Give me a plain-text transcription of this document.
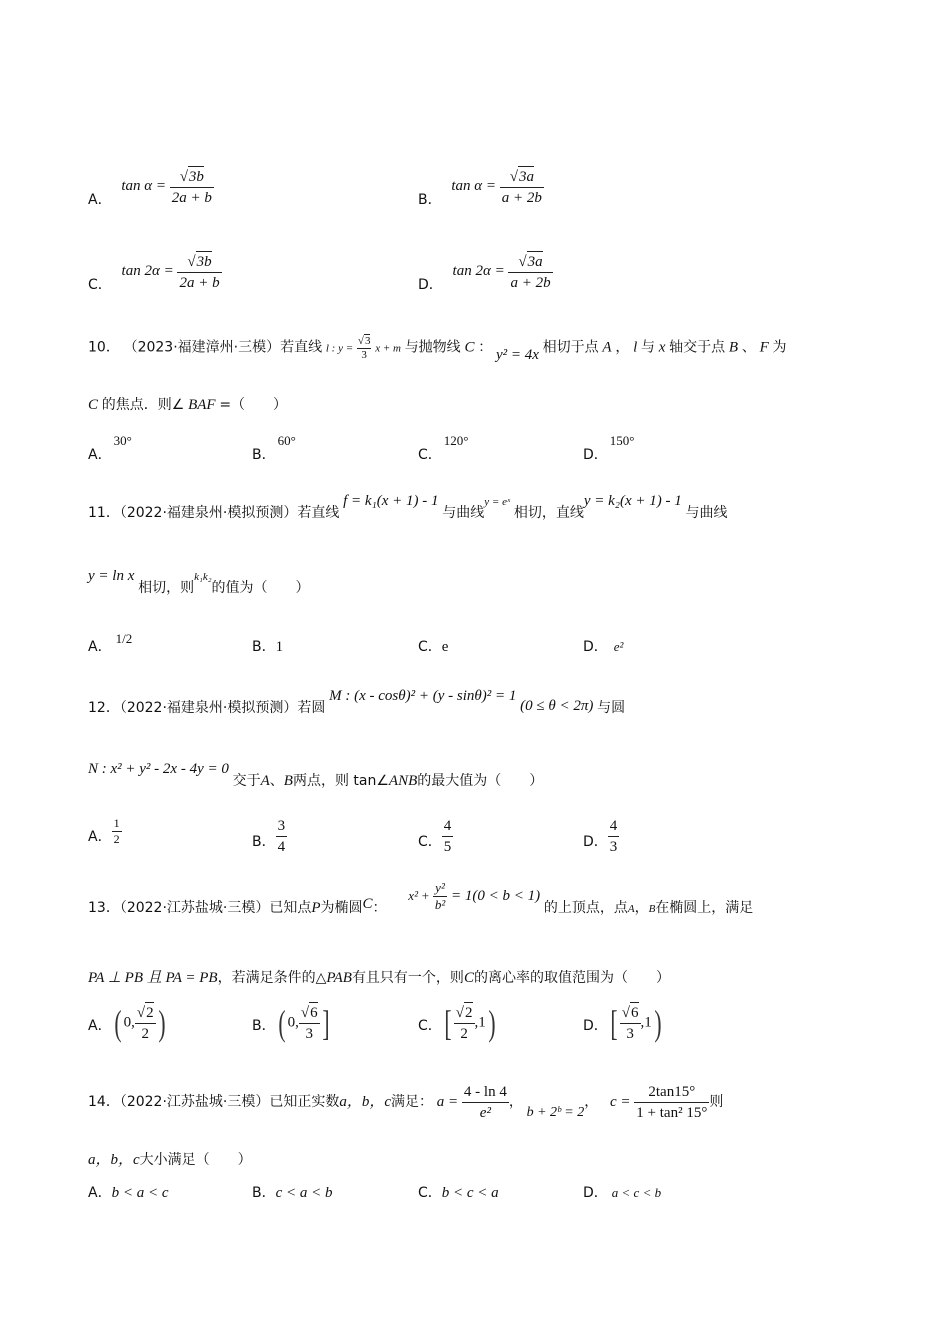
A． $\tan \alpha = \frac{√3b}{2a + b}$	B． $\tan \alpha = \frac{√3a}{a + 2b}$
C． $\tan 2\alpha = \frac{√3b}{2a + b}$	D． $\tan 2\alpha = \frac{√3a}{a + 2b}$
10． （2023·福建漳州·三模）若直线 l : $y = \frac{√3}{3}$ x + m 与抛物线 C ： y² = 4x 相切于点 A ， l 与 x 轴交于点 B 、 F 为
C 的焦点．则∠ BAF =（　　）
A．30°
B．60°
C．120°
D．150°
11．（2022·福建泉州·模拟预测）若直线 f = k₁(x + 1) - 1 与曲线y = eˣ 相切，直线y = k₂(x + 1) - 1 与曲线
y = ln x 相切，则k₁k₂的值为（　　）
A．1/2
B．1	C．e	D． e²
12．（2022·福建泉州·模拟预测）若圆 M : (x - cosθ)² + (y - sinθ)² = 1 (0 ≤ θ < 2π) 与圆
N : x² + y² - 2x - 4y = 0 交于A、B两点，则 tan∠ANB的最大值为（　　）
A． $\frac{1}{2}$	B． $\frac{3}{4}$	C． $\frac{4}{5}$	D． $\frac{4}{3}$
13．（2022·江苏盐城·三模）已知点P为椭圆C： $x^2 + \frac{\text{y²}}{\text{b²}} = 1(0 < b < 1)$ 的上顶点，点$_A$，$_B$在椭圆上，满足
PA ⊥ PB 且 PA = PB，若满足条件的△PAB有且只有一个，则C的离心率的取值范围为（　　）
A．( 0, $\frac{√2}{2}$ )	B．( 0, $\frac{√6}{3}$ ]	C．[ $\frac{√2}{2} ,1$)	D．[ $\frac{√6}{3} ,1$)
14．（2022·江苏盐城·三模）已知正实数a，b，c满足： $a = \frac{4 - \ln 4}{\text{e²}}$ ， b + 2ᵇ = 2， $c = \frac{2\tan 15^\circ}{\text{1 + tan² 15°}}$ 则
a，b，c大小满足（　　）
A．b < a < c	B．c < a < b	C．b < c < a	D． a < c < b
